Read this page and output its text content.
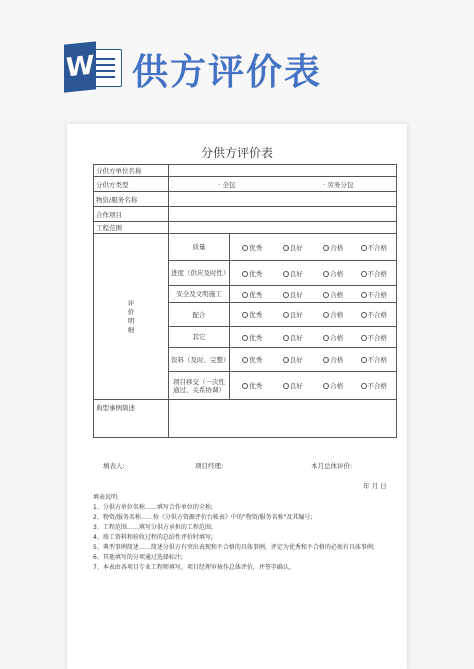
W 供方评价表
分供方评价表
分供方单位名称		
分供方类型	· 全包 · 劳务分包	

物资/服务名称		
合作项目		
工程范围		
评
价
明
细	质量	优秀 良好 合格 不合格
	进度（供应及时性）	优秀 良好 合格 不合格
	安全及文明施工	优秀 良好 合格 不合格
	配合	优秀 良好 合格 不合格
	其它	优秀 良好 合格 不合格
	资料（及时、完整）	优秀 良好 合格 不合格
	项目移交（一次性通过、关系协调）	优秀 良好 合格 不合格
典型事例简述		
填表人:	项目经理:	本月总体评价:
年 月 日
填表说明:
1、分供方单位名称……填写合作单位的全称;
2、物资/服务名称……按《分供方资源评价台帐表》中的"物资/服务名称"及其编号;
3、工程范围……填写分供方承担的工程范围;
4、竣工资料和验收过程的总结性评价时填写;
5、典型事例简述……简述分供方有突出表现和不合格的具体事例，评定为优秀和不合格的必须有具体事例;
6、其他填写的分项通过选择标注;
7、本表由各项目专业工程师填写，项目经理审核作总体评价，并签字确认。
